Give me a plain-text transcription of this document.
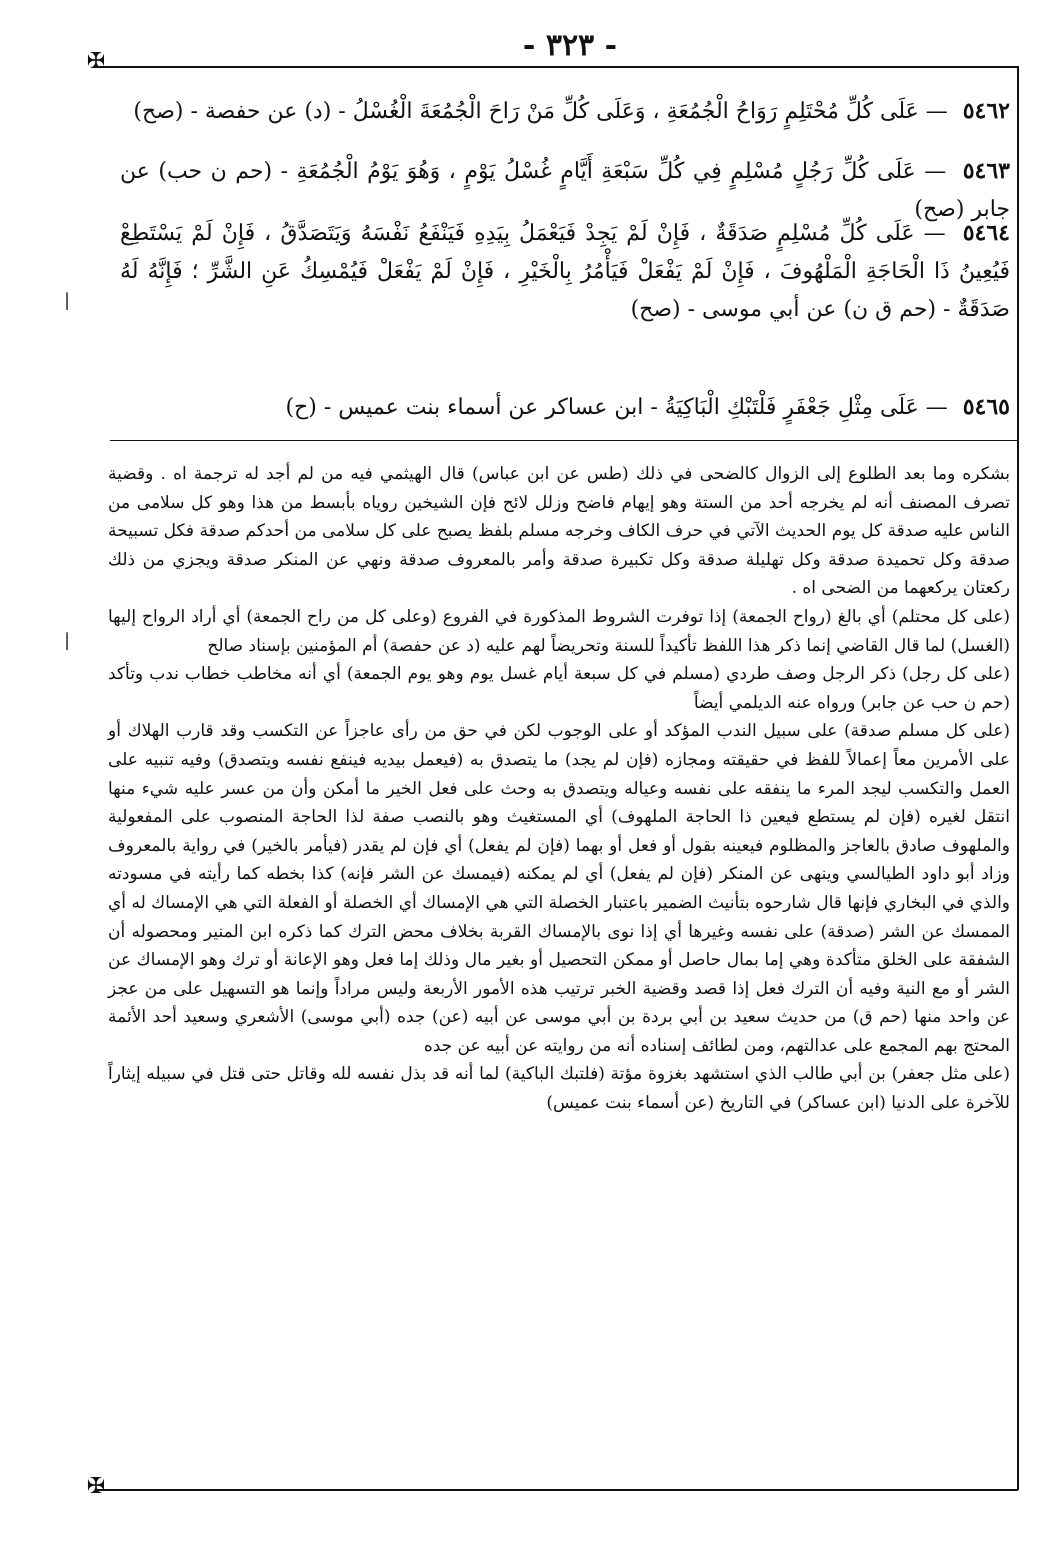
✠
✠
- ٣٢٣ -
|
|
٥٤٦٢ — عَلَى كُلِّ مُحْتَلِمٍ رَوَاحُ الْجُمُعَةِ ، وَعَلَى كُلِّ مَنْ رَاحَ الْجُمُعَةَ الْغُسْلُ - (د) عن حفصة - (صح)
٥٤٦٣ — عَلَى كُلِّ رَجُلٍ مُسْلِمٍ فِي كُلِّ سَبْعَةِ أَيَّامٍ غُسْلُ يَوْمٍ ، وَهُوَ يَوْمُ الْجُمُعَةِ - (حم ن حب) عن جابر (صح)
٥٤٦٤ — عَلَى كُلِّ مُسْلِمٍ صَدَقَةٌ ، فَإِنْ لَمْ يَجِدْ فَيَعْمَلُ بِيَدِهِ فَيَنْفَعُ نَفْسَهُ وَيَتَصَدَّقُ ، فَإِنْ لَمْ يَسْتَطِعْ فَيُعِينُ ذَا الْحَاجَةِ الْمَلْهُوفَ ، فَإِنْ لَمْ يَفْعَلْ فَيَأْمُرُ بِالْخَيْرِ ، فَإِنْ لَمْ يَفْعَلْ فَيُمْسِكُ عَنِ الشَّرِّ ؛ فَإِنَّهُ لَهُ صَدَقَةٌ - (حم ق ن) عن أبي موسى - (صح)
٥٤٦٥ — عَلَى مِثْلِ جَعْفَرٍ فَلْتَبْكِ الْبَاكِيَةُ - ابن عساكر عن أسماء بنت عميس - (ح)

بشكره وما بعد الطلوع إلى الزوال كالضحى في ذلك (طس عن ابن عباس) قال الهيثمي فيه من لم أجد له ترجمة اه . وقضية تصرف المصنف أنه لم يخرجه أحد من الستة وهو إيهام فاضح وزلل لائح فإن الشيخين روياه بأبسط من هذا وهو كل سلامى من الناس عليه صدقة كل يوم الحديث الآتي في حرف الكاف وخرجه مسلم بلفظ يصبح على كل سلامى من أحدكم صدقة فكل تسبيحة صدقة وكل تحميدة صدقة وكل تهليلة صدقة وكل تكبيرة صدقة وأمر بالمعروف صدقة ونهي عن المنكر صدقة ويجزي من ذلك ركعتان يركعهما من الضحى اه .

(على كل محتلم) أي بالغ (رواح الجمعة) إذا توفرت الشروط المذكورة في الفروع (وعلى كل من راح الجمعة) أي أراد الرواح إليها (الغسل) لما قال القاضي إنما ذكر هذا اللفظ تأكيداً للسنة وتحريضاً لهم عليه (د عن حفصة) أم المؤمنين بإسناد صالح

(على كل رجل) ذكر الرجل وصف طردي (مسلم في كل سبعة أيام غسل يوم وهو يوم الجمعة) أي أنه مخاطب خطاب ندب وتأكد (حم ن حب عن جابر) ورواه عنه الديلمي أيضاً

(على كل مسلم صدقة) على سبيل الندب المؤكد أو على الوجوب لكن في حق من رأى عاجزاً عن التكسب وقد قارب الهلاك أو على الأمرين معاً إعمالاً للفظ في حقيقته ومجازه (فإن لم يجد) ما يتصدق به (فيعمل بيديه فينفع نفسه ويتصدق) وفيه تنبيه على العمل والتكسب ليجد المرء ما ينفقه على نفسه وعياله ويتصدق به وحث على فعل الخير ما أمكن وأن من عسر عليه شيء منها انتقل لغيره (فإن لم يستطع فيعين ذا الحاجة الملهوف) أي المستغيث وهو بالنصب صفة لذا الحاجة المنصوب على المفعولية والملهوف صادق بالعاجز والمظلوم فيعينه بقول أو فعل أو بهما (فإن لم يفعل) أي فإن لم يقدر (فيأمر بالخير) في رواية بالمعروف وزاد أبو داود الطيالسي وينهى عن المنكر (فإن لم يفعل) أي لم يمكنه (فيمسك عن الشر فإنه) كذا بخطه كما رأيته في مسودته والذي في البخاري فإنها قال شارحوه بتأنيث الضمير باعتبار الخصلة التي هي الإمساك أي الخصلة أو الفعلة التي هي الإمساك له أي الممسك عن الشر (صدقة) على نفسه وغيرها أي إذا نوى بالإمساك القربة بخلاف محض الترك كما ذكره ابن المنير ومحصوله أن الشفقة على الخلق متأكدة وهي إما بمال حاصل أو ممكن التحصيل أو بغير مال وذلك إما فعل وهو الإعانة أو ترك وهو الإمساك عن الشر أو مع النية وفيه أن الترك فعل إذا قصد وقضية الخبر ترتيب هذه الأمور الأربعة وليس مراداً وإنما هو التسهيل على من عجز عن واحد منها (حم ق) من حديث سعيد بن أبي بردة بن أبي موسى عن أبيه (عن) جده (أبي موسى) الأشعري وسعيد أحد الأئمة المحتج بهم المجمع على عدالتهم، ومن لطائف إسناده أنه من روايته عن أبيه عن جده

(على مثل جعفر) بن أبي طالب الذي استشهد بغزوة مؤتة (فلتبك الباكية) لما أنه قد بذل نفسه لله وقاتل حتى قتل في سبيله إيثاراً للآخرة على الدنيا (ابن عساكر) في التاريخ (عن أسماء بنت عميس)
